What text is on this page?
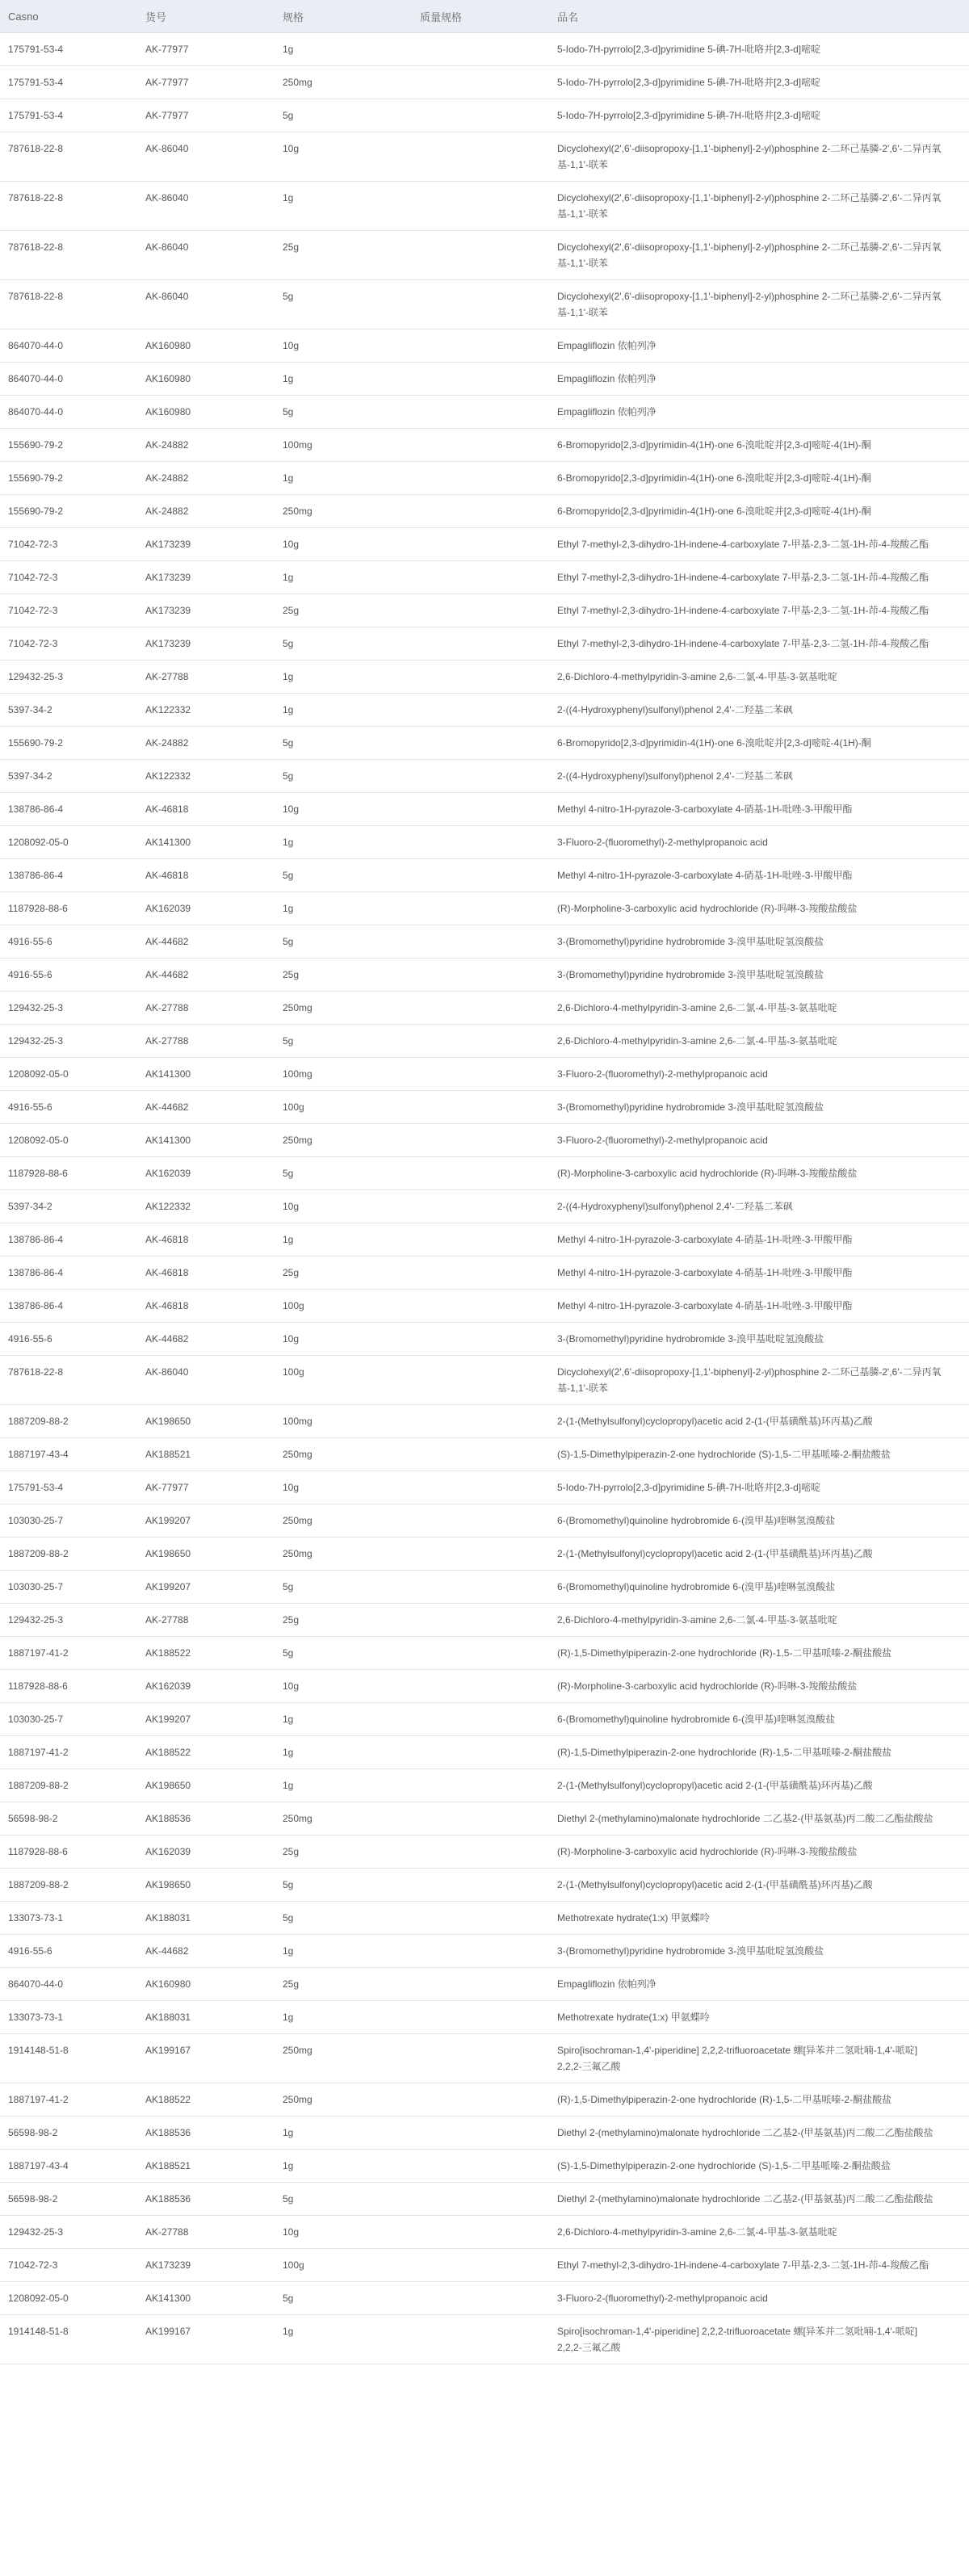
Casno	货号	规格	质量规格	品名
175791-53-4	AK-77977	1g		5-Iodo-7H-pyrrolo[2,3-d]pyrimidine 5-碘-7H-吡咯并[2,3-d]嘧啶
175791-53-4	AK-77977	250mg		5-Iodo-7H-pyrrolo[2,3-d]pyrimidine 5-碘-7H-吡咯并[2,3-d]嘧啶
175791-53-4	AK-77977	5g		5-Iodo-7H-pyrrolo[2,3-d]pyrimidine 5-碘-7H-吡咯并[2,3-d]嘧啶
787618-22-8	AK-86040	10g		Dicyclohexyl(2',6'-diisopropoxy-[1,1'-biphenyl]-2-yl)phosphine 2-二环己基膦-2',6'-二异丙氧基-1,1'-联苯
787618-22-8	AK-86040	1g		Dicyclohexyl(2',6'-diisopropoxy-[1,1'-biphenyl]-2-yl)phosphine 2-二环己基膦-2',6'-二异丙氧基-1,1'-联苯
787618-22-8	AK-86040	25g		Dicyclohexyl(2',6'-diisopropoxy-[1,1'-biphenyl]-2-yl)phosphine 2-二环己基膦-2',6'-二异丙氧基-1,1'-联苯
787618-22-8	AK-86040	5g		Dicyclohexyl(2',6'-diisopropoxy-[1,1'-biphenyl]-2-yl)phosphine 2-二环己基膦-2',6'-二异丙氧基-1,1'-联苯
864070-44-0	AK160980	10g		Empagliflozin 依帕列净
864070-44-0	AK160980	1g		Empagliflozin 依帕列净
864070-44-0	AK160980	5g		Empagliflozin 依帕列净
155690-79-2	AK-24882	100mg		6-Bromopyrido[2,3-d]pyrimidin-4(1H)-one 6-溴吡啶并[2,3-d]嘧啶-4(1H)-酮
155690-79-2	AK-24882	1g		6-Bromopyrido[2,3-d]pyrimidin-4(1H)-one 6-溴吡啶并[2,3-d]嘧啶-4(1H)-酮
155690-79-2	AK-24882	250mg		6-Bromopyrido[2,3-d]pyrimidin-4(1H)-one 6-溴吡啶并[2,3-d]嘧啶-4(1H)-酮
71042-72-3	AK173239	10g		Ethyl 7-methyl-2,3-dihydro-1H-indene-4-carboxylate 7-甲基-2,3-二氢-1H-茚-4-羧酸乙酯
71042-72-3	AK173239	1g		Ethyl 7-methyl-2,3-dihydro-1H-indene-4-carboxylate 7-甲基-2,3-二氢-1H-茚-4-羧酸乙酯
71042-72-3	AK173239	25g		Ethyl 7-methyl-2,3-dihydro-1H-indene-4-carboxylate 7-甲基-2,3-二氢-1H-茚-4-羧酸乙酯
71042-72-3	AK173239	5g		Ethyl 7-methyl-2,3-dihydro-1H-indene-4-carboxylate 7-甲基-2,3-二氢-1H-茚-4-羧酸乙酯
129432-25-3	AK-27788	1g		2,6-Dichloro-4-methylpyridin-3-amine 2,6-二氯-4-甲基-3-氨基吡啶
5397-34-2	AK122332	1g		2-((4-Hydroxyphenyl)sulfonyl)phenol 2,4'-二羟基二苯砜
155690-79-2	AK-24882	5g		6-Bromopyrido[2,3-d]pyrimidin-4(1H)-one 6-溴吡啶并[2,3-d]嘧啶-4(1H)-酮
5397-34-2	AK122332	5g		2-((4-Hydroxyphenyl)sulfonyl)phenol 2,4'-二羟基二苯砜
138786-86-4	AK-46818	10g		Methyl 4-nitro-1H-pyrazole-3-carboxylate 4-硝基-1H-吡唑-3-甲酸甲酯
1208092-05-0	AK141300	1g		3-Fluoro-2-(fluoromethyl)-2-methylpropanoic acid
138786-86-4	AK-46818	5g		Methyl 4-nitro-1H-pyrazole-3-carboxylate 4-硝基-1H-吡唑-3-甲酸甲酯
1187928-88-6	AK162039	1g		(R)-Morpholine-3-carboxylic acid hydrochloride (R)-吗啉-3-羧酸盐酸盐
4916-55-6	AK-44682	5g		3-(Bromomethyl)pyridine hydrobromide 3-溴甲基吡啶氢溴酸盐
4916-55-6	AK-44682	25g		3-(Bromomethyl)pyridine hydrobromide 3-溴甲基吡啶氢溴酸盐
129432-25-3	AK-27788	250mg		2,6-Dichloro-4-methylpyridin-3-amine 2,6-二氯-4-甲基-3-氨基吡啶
129432-25-3	AK-27788	5g		2,6-Dichloro-4-methylpyridin-3-amine 2,6-二氯-4-甲基-3-氨基吡啶
1208092-05-0	AK141300	100mg		3-Fluoro-2-(fluoromethyl)-2-methylpropanoic acid
4916-55-6	AK-44682	100g		3-(Bromomethyl)pyridine hydrobromide 3-溴甲基吡啶氢溴酸盐
1208092-05-0	AK141300	250mg		3-Fluoro-2-(fluoromethyl)-2-methylpropanoic acid
1187928-88-6	AK162039	5g		(R)-Morpholine-3-carboxylic acid hydrochloride (R)-吗啉-3-羧酸盐酸盐
5397-34-2	AK122332	10g		2-((4-Hydroxyphenyl)sulfonyl)phenol 2,4'-二羟基二苯砜
138786-86-4	AK-46818	1g		Methyl 4-nitro-1H-pyrazole-3-carboxylate 4-硝基-1H-吡唑-3-甲酸甲酯
138786-86-4	AK-46818	25g		Methyl 4-nitro-1H-pyrazole-3-carboxylate 4-硝基-1H-吡唑-3-甲酸甲酯
138786-86-4	AK-46818	100g		Methyl 4-nitro-1H-pyrazole-3-carboxylate 4-硝基-1H-吡唑-3-甲酸甲酯
4916-55-6	AK-44682	10g		3-(Bromomethyl)pyridine hydrobromide 3-溴甲基吡啶氢溴酸盐
787618-22-8	AK-86040	100g		Dicyclohexyl(2',6'-diisopropoxy-[1,1'-biphenyl]-2-yl)phosphine 2-二环己基膦-2',6'-二异丙氧基-1,1'-联苯
1887209-88-2	AK198650	100mg		2-(1-(Methylsulfonyl)cyclopropyl)acetic acid 2-(1-(甲基磺酰基)环丙基)乙酸
1887197-43-4	AK188521	250mg		(S)-1,5-Dimethylpiperazin-2-one hydrochloride (S)-1,5-二甲基哌嗪-2-酮盐酸盐
175791-53-4	AK-77977	10g		5-Iodo-7H-pyrrolo[2,3-d]pyrimidine 5-碘-7H-吡咯并[2,3-d]嘧啶
103030-25-7	AK199207	250mg		6-(Bromomethyl)quinoline hydrobromide 6-(溴甲基)喹啉氢溴酸盐
1887209-88-2	AK198650	250mg		2-(1-(Methylsulfonyl)cyclopropyl)acetic acid 2-(1-(甲基磺酰基)环丙基)乙酸
103030-25-7	AK199207	5g		6-(Bromomethyl)quinoline hydrobromide 6-(溴甲基)喹啉氢溴酸盐
129432-25-3	AK-27788	25g		2,6-Dichloro-4-methylpyridin-3-amine 2,6-二氯-4-甲基-3-氨基吡啶
1887197-41-2	AK188522	5g		(R)-1,5-Dimethylpiperazin-2-one hydrochloride (R)-1,5-二甲基哌嗪-2-酮盐酸盐
1187928-88-6	AK162039	10g		(R)-Morpholine-3-carboxylic acid hydrochloride (R)-吗啉-3-羧酸盐酸盐
103030-25-7	AK199207	1g		6-(Bromomethyl)quinoline hydrobromide 6-(溴甲基)喹啉氢溴酸盐
1887197-41-2	AK188522	1g		(R)-1,5-Dimethylpiperazin-2-one hydrochloride (R)-1,5-二甲基哌嗪-2-酮盐酸盐
1887209-88-2	AK198650	1g		2-(1-(Methylsulfonyl)cyclopropyl)acetic acid 2-(1-(甲基磺酰基)环丙基)乙酸
56598-98-2	AK188536	250mg		Diethyl 2-(methylamino)malonate hydrochloride 二乙基2-(甲基氨基)丙二酸二乙酯盐酸盐
1187928-88-6	AK162039	25g		(R)-Morpholine-3-carboxylic acid hydrochloride (R)-吗啉-3-羧酸盐酸盐
1887209-88-2	AK198650	5g		2-(1-(Methylsulfonyl)cyclopropyl)acetic acid 2-(1-(甲基磺酰基)环丙基)乙酸
133073-73-1	AK188031	5g		Methotrexate hydrate(1:x) 甲氨蝶呤
4916-55-6	AK-44682	1g		3-(Bromomethyl)pyridine hydrobromide 3-溴甲基吡啶氢溴酸盐
864070-44-0	AK160980	25g		Empagliflozin 依帕列净
133073-73-1	AK188031	1g		Methotrexate hydrate(1:x) 甲氨蝶呤
1914148-51-8	AK199167	250mg		Spiro[isochroman-1,4'-piperidine] 2,2,2-trifluoroacetate 螺[异苯并二氢吡喃-1,4'-哌啶] 2,2,2-三氟乙酸
1887197-41-2	AK188522	250mg		(R)-1,5-Dimethylpiperazin-2-one hydrochloride (R)-1,5-二甲基哌嗪-2-酮盐酸盐
56598-98-2	AK188536	1g		Diethyl 2-(methylamino)malonate hydrochloride 二乙基2-(甲基氨基)丙二酸二乙酯盐酸盐
1887197-43-4	AK188521	1g		(S)-1,5-Dimethylpiperazin-2-one hydrochloride (S)-1,5-二甲基哌嗪-2-酮盐酸盐
56598-98-2	AK188536	5g		Diethyl 2-(methylamino)malonate hydrochloride 二乙基2-(甲基氨基)丙二酸二乙酯盐酸盐
129432-25-3	AK-27788	10g		2,6-Dichloro-4-methylpyridin-3-amine 2,6-二氯-4-甲基-3-氨基吡啶
71042-72-3	AK173239	100g		Ethyl 7-methyl-2,3-dihydro-1H-indene-4-carboxylate 7-甲基-2,3-二氢-1H-茚-4-羧酸乙酯
1208092-05-0	AK141300	5g		3-Fluoro-2-(fluoromethyl)-2-methylpropanoic acid
1914148-51-8	AK199167	1g		Spiro[isochroman-1,4'-piperidine] 2,2,2-trifluoroacetate 螺[异苯并二氢吡喃-1,4'-哌啶] 2,2,2-三氟乙酸
